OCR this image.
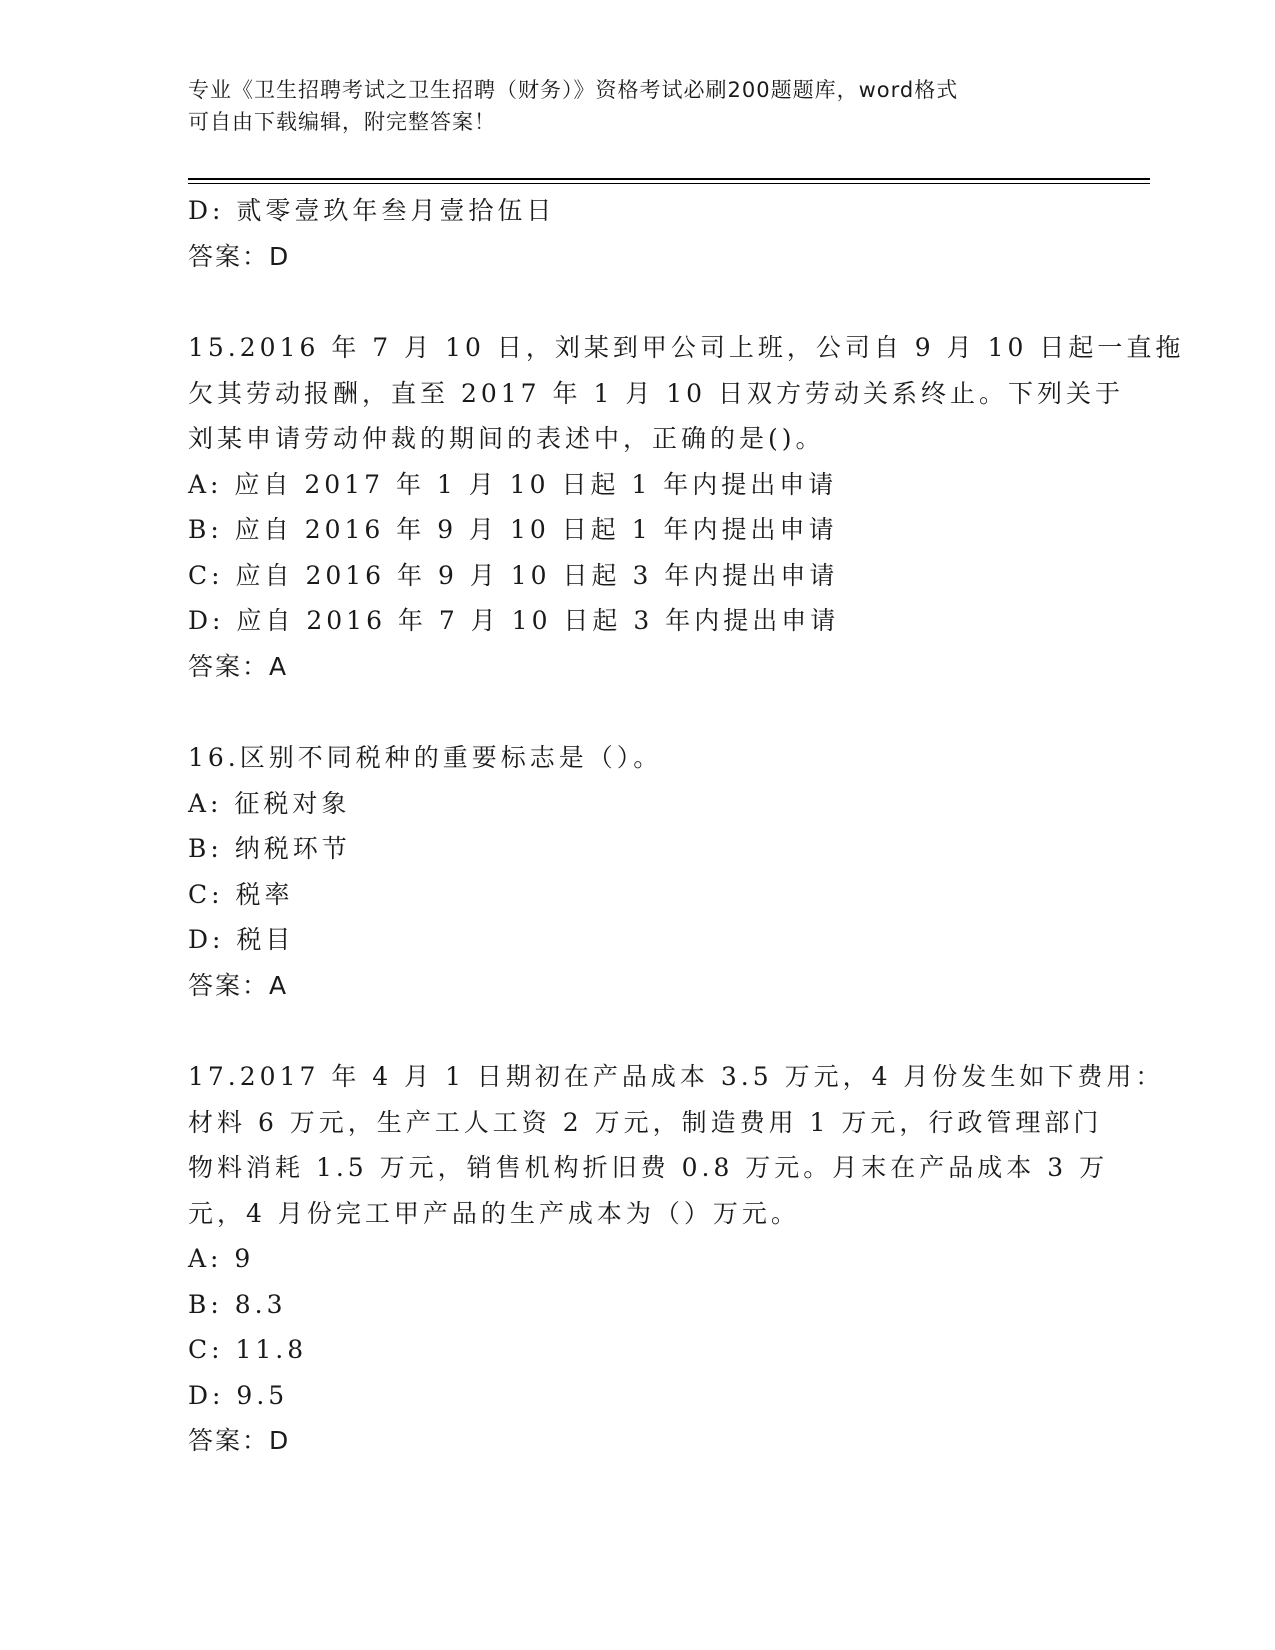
专业《卫生招聘考试之卫生招聘（财务）》资格考试必刷200题题库，word格式
可自由下载编辑，附完整答案！
D: 贰零壹玖年叁月壹拾伍日
答案：D
15.2016 年 7 月 10 日，刘某到甲公司上班，公司自 9 月 10 日起一直拖
欠其劳动报酬，直至 2017 年 1 月 10 日双方劳动关系终止。下列关于
刘某申请劳动仲裁的期间的表述中，正确的是()。
A: 应自 2017 年 1 月 10 日起 1 年内提出申请
B: 应自 2016 年 9 月 10 日起 1 年内提出申请
C: 应自 2016 年 9 月 10 日起 3 年内提出申请
D: 应自 2016 年 7 月 10 日起 3 年内提出申请
答案：A
16.区别不同税种的重要标志是（）。
A: 征税对象
B: 纳税环节
C: 税率
D: 税目
答案：A
17.2017 年 4 月 1 日期初在产品成本 3.5 万元，4 月份发生如下费用：
材料 6 万元，生产工人工资 2 万元，制造费用 1 万元，行政管理部门
物料消耗 1.5 万元，销售机构折旧费 0.8 万元。月末在产品成本 3 万
元，4 月份完工甲产品的生产成本为（）万元。
A: 9
B: 8.3
C: 11.8
D: 9.5
答案：D
